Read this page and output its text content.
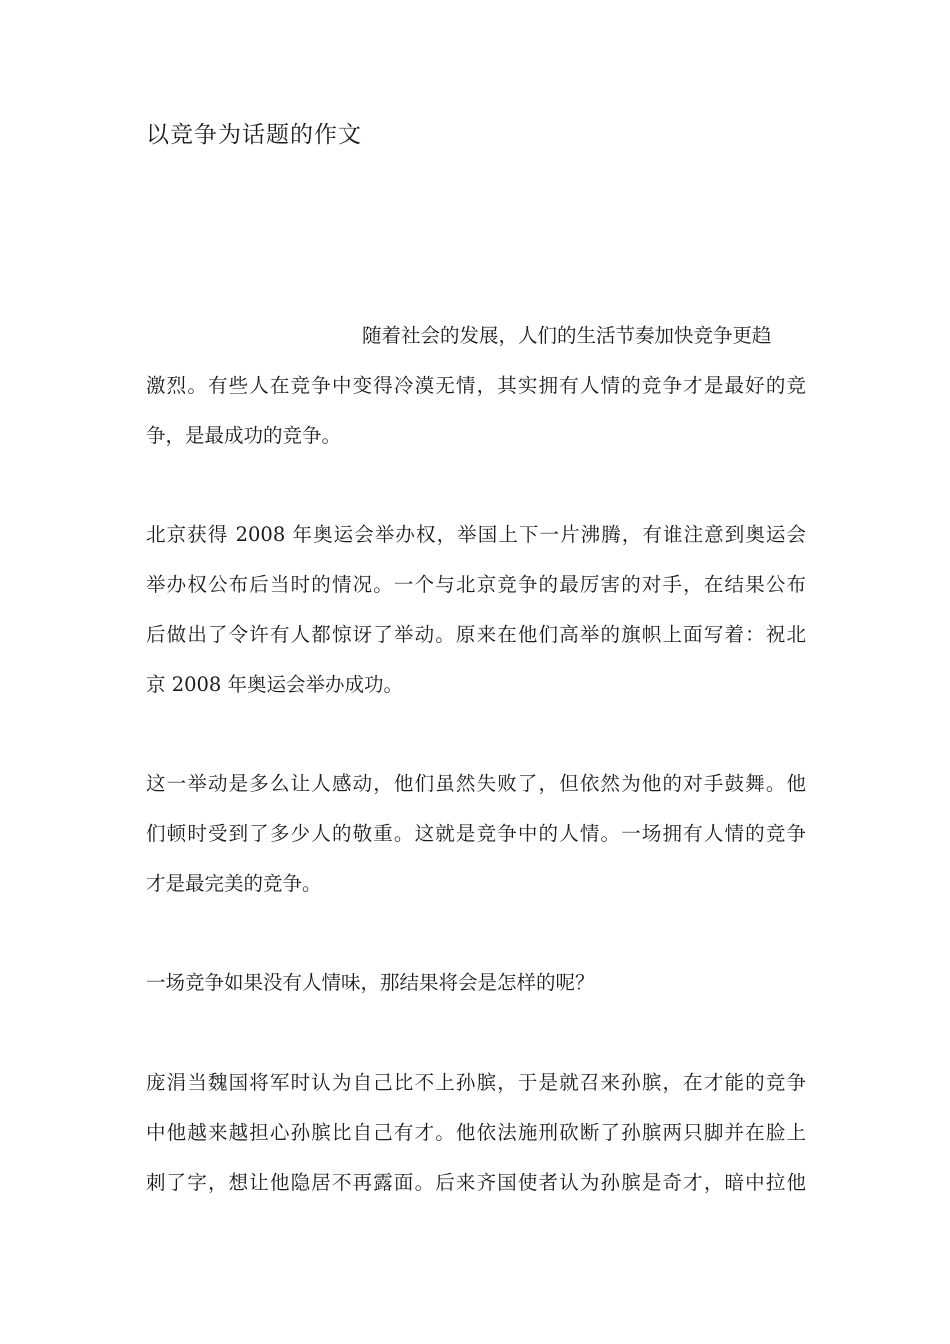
以竞争为话题的作文
随着社会的发展，人们的生活节奏加快竞争更趋
激烈。有些人在竞争中变得冷漠无情，其实拥有人情的竞争才是最好的竞
争，是最成功的竞争。
北京获得 2008 年奥运会举办权，举国上下一片沸腾，有谁注意到奥运会
举办权公布后当时的情况。一个与北京竞争的最厉害的对手，在结果公布
后做出了令许有人都惊讶了举动。原来在他们高举的旗帜上面写着：祝北
京 2008 年奥运会举办成功。
这一举动是多么让人感动，他们虽然失败了，但依然为他的对手鼓舞。他
们顿时受到了多少人的敬重。这就是竞争中的人情。一场拥有人情的竞争
才是最完美的竞争。
一场竞争如果没有人情味，那结果将会是怎样的呢？
庞涓当魏国将军时认为自己比不上孙膑，于是就召来孙膑，在才能的竞争
中他越来越担心孙膑比自己有才。他依法施刑砍断了孙膑两只脚并在脸上
刺了字，想让他隐居不再露面。后来齐国使者认为孙膑是奇才，暗中拉他
